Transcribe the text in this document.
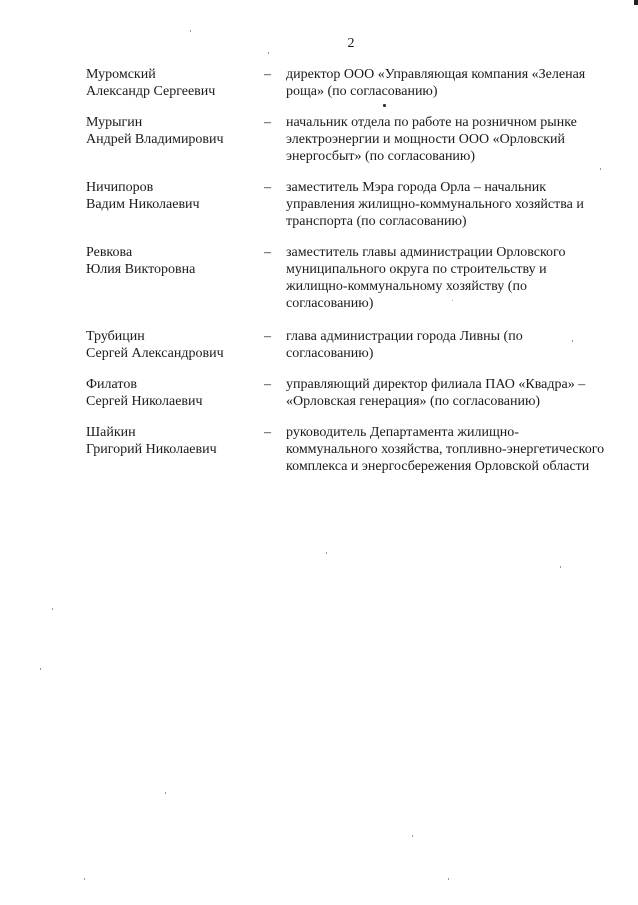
2
Муромский
Александр Сергеевич
–	директор ООО «Управляющая компания «Зеленая роща» (по согласованию)
Мурыгин
Андрей Владимирович
–	начальник отдела по работе на розничном рынке электроэнергии и мощности ООО «Орловский энергосбыт» (по согласованию)
Ничипоров
Вадим Николаевич
–	заместитель Мэра города Орла – начальник управления жилищно-коммунального хозяйства и транспорта (по согласованию)
Ревкова
Юлия Викторовна
–	заместитель главы администрации Орловского муниципального округа по строительству и жилищно-коммунальному хозяйству (по согласованию)
Трубицин
Сергей Александрович
–	глава администрации города Ливны (по согласованию)
Филатов
Сергей Николаевич
–	управляющий директор филиала ПАО «Квадра» – «Орловская генерация» (по согласованию)
Шайкин
Григорий Николаевич
–	руководитель Департамента жилищно-коммунального хозяйства, топливно-энергетического комплекса и энергосбережения Орловской области
